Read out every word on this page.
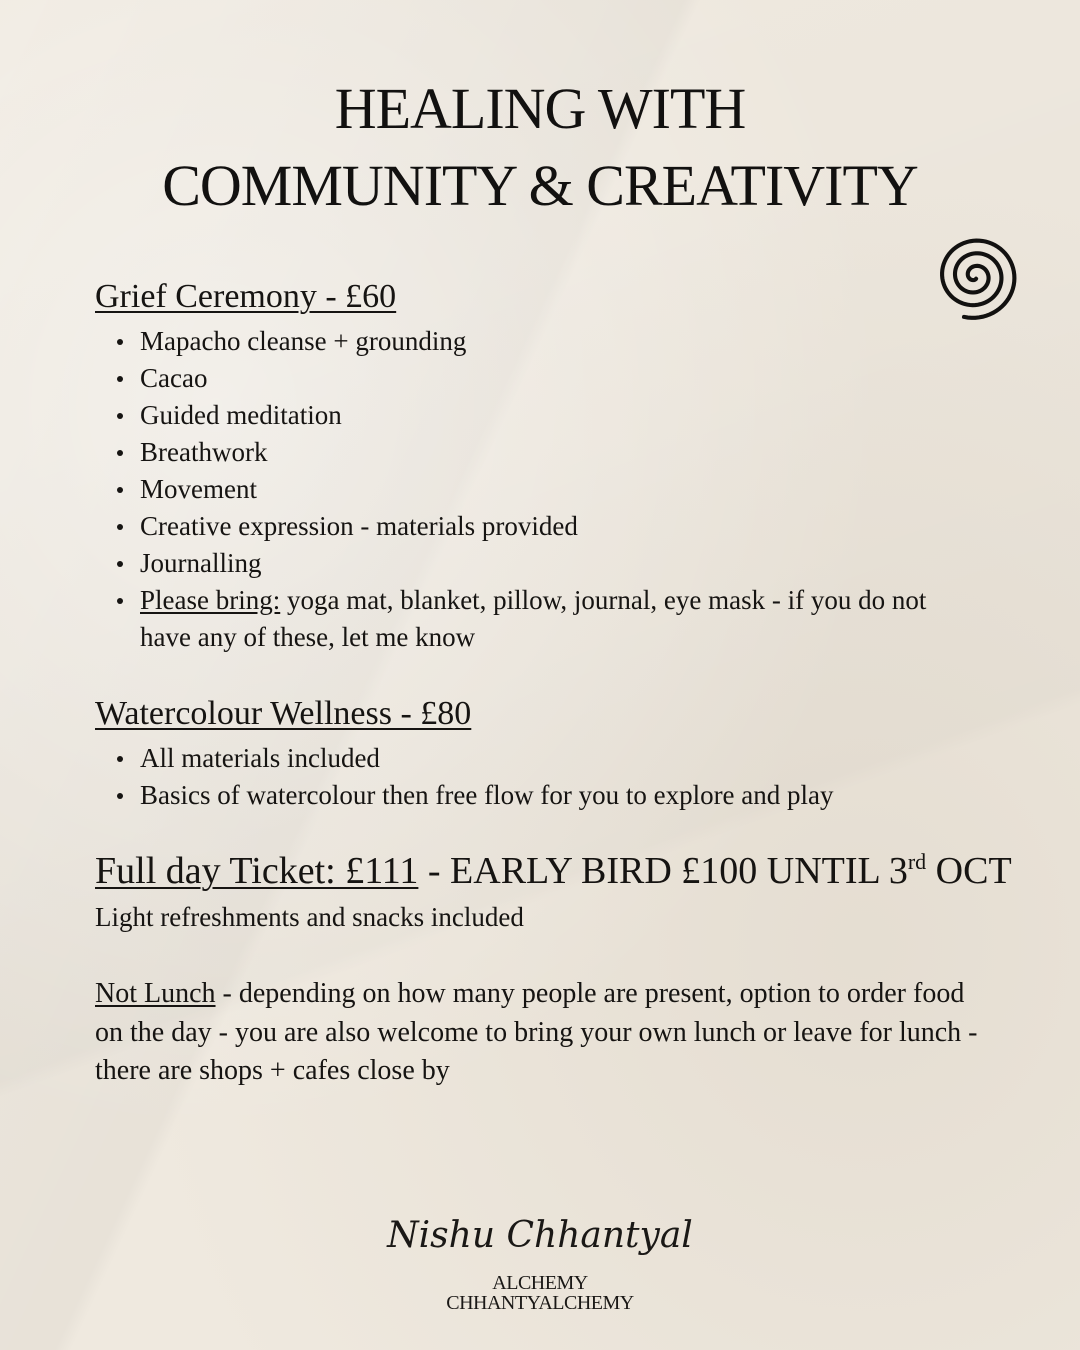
HEALING WITH
COMMUNITY & CREATIVITY
Grief Ceremony - £60
Mapacho cleanse + grounding
Cacao
Guided meditation
Breathwork
Movement
Creative expression - materials provided
Journalling
Please bring: yoga mat, blanket, pillow, journal, eye mask - if you do not have any of these, let me know
Watercolour Wellness - £80
All materials included
Basics of watercolour then free flow for you to explore and play
Full day Ticket: £111 - EARLY BIRD £100 UNTIL 3rd OCT
Light refreshments and snacks included
Not Lunch - depending on how many people are present, option to order food on the day - you are also welcome to bring your own lunch or leave for lunch - there are shops + cafes close by
Nishu Chhantyal
ALCHEMY
CHHANTYALCHEMY
